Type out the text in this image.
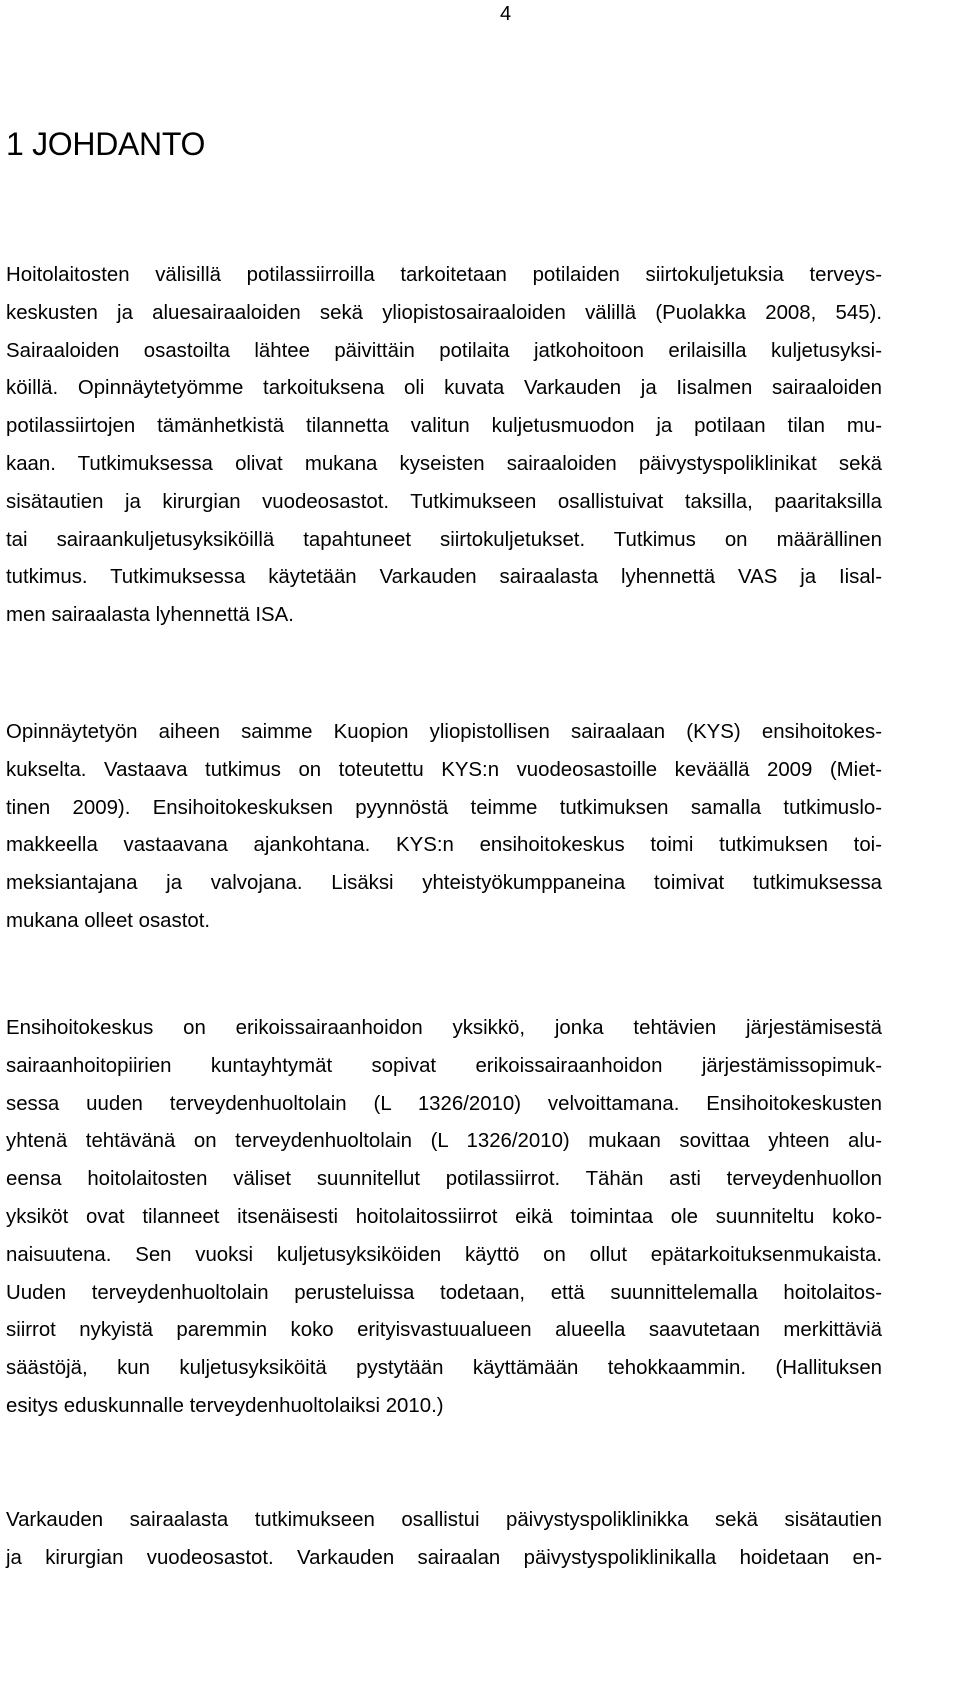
4
1 JOHDANTO
Hoitolaitosten välisillä potilassiirroilla tarkoitetaan potilaiden siirtokuljetuksia terveys-
keskusten ja aluesairaaloiden sekä yliopistosairaaloiden välillä (Puolakka 2008, 545).
Sairaaloiden osastoilta lähtee päivittäin potilaita jatkohoitoon erilaisilla kuljetusyksi-
köillä. Opinnäytetyömme tarkoituksena oli kuvata Varkauden ja Iisalmen sairaaloiden
potilassiirtojen tämänhetkistä tilannetta valitun kuljetusmuodon ja potilaan tilan mu-
kaan. Tutkimuksessa olivat mukana kyseisten sairaaloiden päivystyspoliklinikat sekä
sisätautien ja kirurgian vuodeosastot. Tutkimukseen osallistuivat taksilla, paaritaksilla
tai sairaankuljetusyksiköillä tapahtuneet siirtokuljetukset. Tutkimus on määrällinen
tutkimus. Tutkimuksessa käytetään Varkauden sairaalasta lyhennettä VAS ja Iisal-
men sairaalasta lyhennettä ISA.
Opinnäytetyön aiheen saimme Kuopion yliopistollisen sairaalaan (KYS) ensihoitokes-
kukselta. Vastaava tutkimus on toteutettu KYS:n vuodeosastoille keväällä 2009 (Miet-
tinen 2009). Ensihoitokeskuksen pyynnöstä teimme tutkimuksen samalla tutkimuslo-
makkeella vastaavana ajankohtana. KYS:n ensihoitokeskus toimi tutkimuksen toi-
meksiantajana ja valvojana. Lisäksi yhteistyökumppaneina toimivat tutkimuksessa
mukana olleet osastot.
Ensihoitokeskus on erikoissairaanhoidon yksikkö, jonka tehtävien järjestämisestä
sairaanhoitopiirien kuntayhtymät sopivat erikoissairaanhoidon järjestämissopimuk-
sessa uuden terveydenhuoltolain (L 1326/2010) velvoittamana. Ensihoitokeskusten
yhtenä tehtävänä on terveydenhuoltolain (L 1326/2010) mukaan sovittaa yhteen alu-
eensa hoitolaitosten väliset suunnitellut potilassiirrot. Tähän asti terveydenhuollon
yksiköt ovat tilanneet itsenäisesti hoitolaitossiirrot eikä toimintaa ole suunniteltu koko-
naisuutena. Sen vuoksi kuljetusyksiköiden käyttö on ollut epätarkoituksenmukaista.
Uuden terveydenhuoltolain perusteluissa todetaan, että suunnittelemalla hoitolaitos-
siirrot nykyistä paremmin koko erityisvastuualueen alueella saavutetaan merkittäviä
säästöjä, kun kuljetusyksiköitä pystytään käyttämään tehokkaammin. (Hallituksen
esitys eduskunnalle terveydenhuoltolaiksi 2010.)
Varkauden sairaalasta tutkimukseen osallistui päivystyspoliklinikka sekä sisätautien
ja kirurgian vuodeosastot. Varkauden sairaalan päivystyspoliklinikalla hoidetaan en-
